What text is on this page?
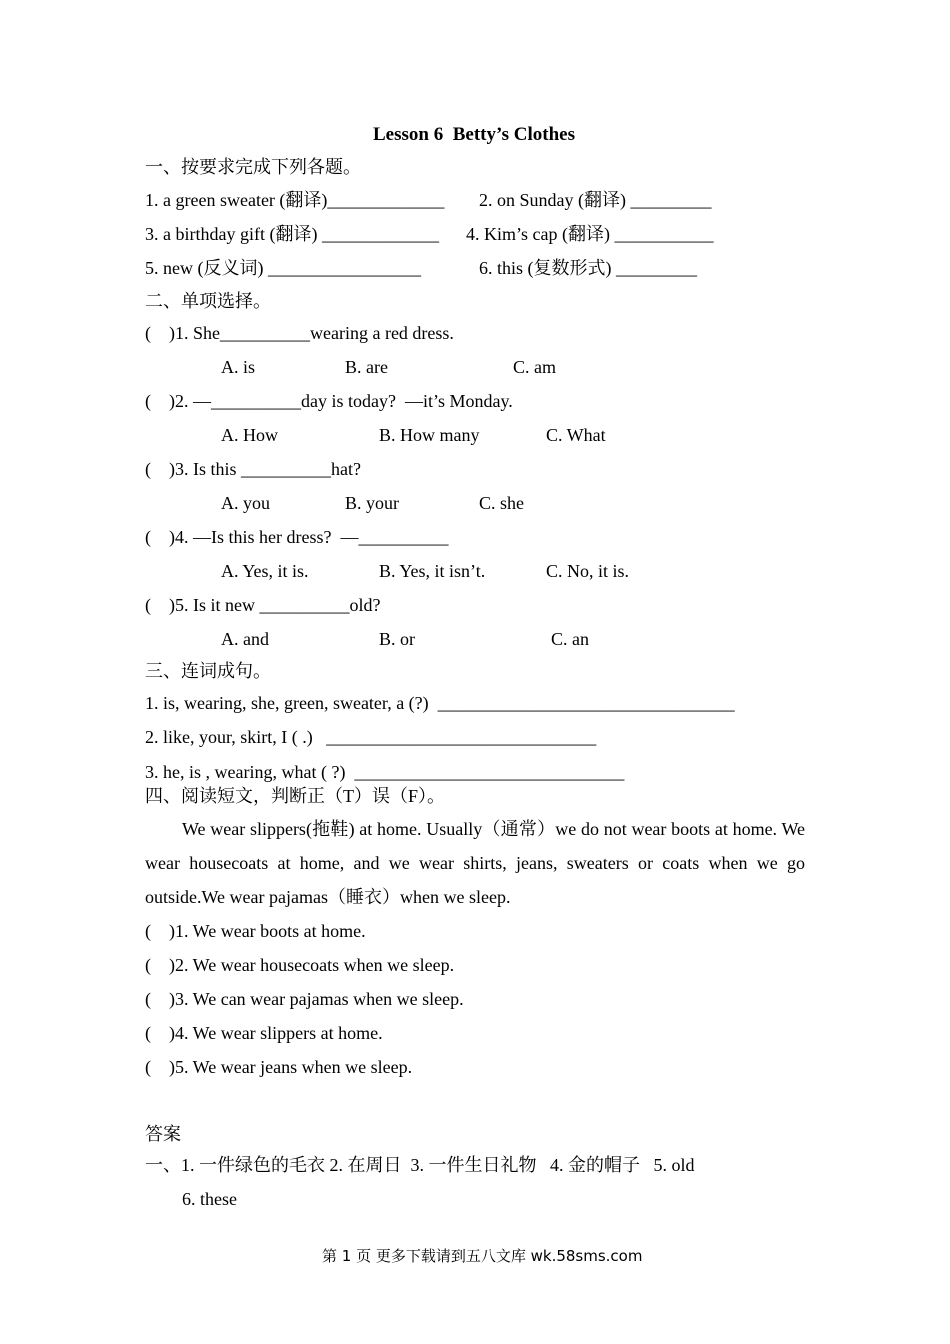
Lesson 6  Betty’s Clothes
一、按要求完成下列各题。
1. a green sweater (翻译)_____________ 2. on Sunday (翻译) _________
3. a birthday gift (翻译) _____________ 4. Kim’s cap (翻译) ___________
5. new (反义词) _________________	6. this (复数形式) _________
二、单项选择。
(    )1. She__________wearing a red dress.
A. is	B. are	C. am
(    )2. —__________day is today?  —it’s Monday.
A. How	B. How many	C. What
(    )3. Is this __________hat?
A. you	B. your	C. she
(    )4. —Is this her dress?  —__________
A. Yes, it is.	B. Yes, it isn’t.	C. No, it is.
(    )5. Is it new __________old?
A. and	B. or	C. an
三、连词成句。
1. is, wearing, she, green, sweater, a (?)  _________________________________
2. like, your, skirt, I ( .)   ______________________________
3. he, is , wearing, what ( ?)  ______________________________
四、阅读短文，判断正（T）误（F）。
We wear slippers(拖鞋) at home. Usually（通常）we do not wear boots at home. We wear housecoats at home, and we wear shirts, jeans, sweaters or coats when we go outside.We wear pajamas（睡衣）when we sleep.
(    )1. We wear boots at home.
(    )2. We wear housecoats when we sleep.
(    )3. We can wear pajamas when we sleep.
(    )4. We wear slippers at home.
(    )5. We wear jeans when we sleep.
答案
一、1. 一件绿色的毛衣 2. 在周日  3. 一件生日礼物   4. 金的帽子   5. old
6. these
第 1 页 更多下载请到五八文库 wk.58sms.com
